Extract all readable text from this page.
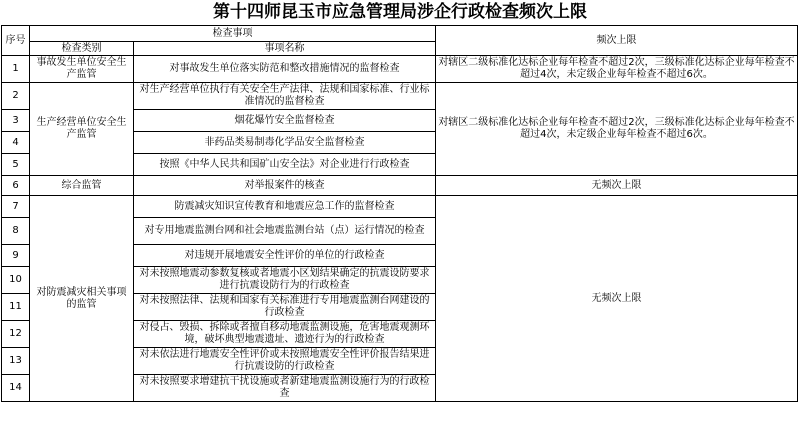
第十四师昆玉市应急管理局涉企行政检查频次上限
序号	检查事项		频次上限
	检查类别	事项名称	
1	事故发生单位安全生产监管	对事故发生单位落实防范和整改措施情况的监督检查	对辖区二级标准化达标企业每年检查不超过2次，三级标准化达标企业每年检查不超过4次，未定级企业每年检查不超过6次。
2	生产经营单位安全生产监管	对生产经营单位执行有关安全生产法律、法规和国家标准、行业标准情况的监督检查	对辖区二级标准化达标企业每年检查不超过2次，三级标准化达标企业每年检查不超过4次，未定级企业每年检查不超过6次。
3		烟花爆竹安全监督检查	
4		非药品类易制毒化学品安全监督检查	
5		按照《中华人民共和国矿山安全法》对企业进行行政检查	
6	综合监管	对举报案件的核查	无频次上限
7	对防震减灾相关事项的监管	防震减灾知识宣传教育和地震应急工作的监督检查	无频次上限
8		对专用地震监测台网和社会地震监测台站（点）运行情况的检查	
9		对违规开展地震安全性评价的单位的行政检查	
10		对未按照地震动参数复核或者地震小区划结果确定的抗震设防要求进行抗震设防行为的行政检查	
11		对未按照法律、法规和国家有关标准进行专用地震监测台网建设的行政检查	
12		对侵占、毁损、拆除或者擅自移动地震监测设施，危害地震观测环境，破坏典型地震遗址、遗迹行为的行政检查	
13		对未依法进行地震安全性评价或未按照地震安全性评价报告结果进行抗震设防的行政检查	
14		对未按照要求增建抗干扰设施或者新建地震监测设施行为的行政检查	
